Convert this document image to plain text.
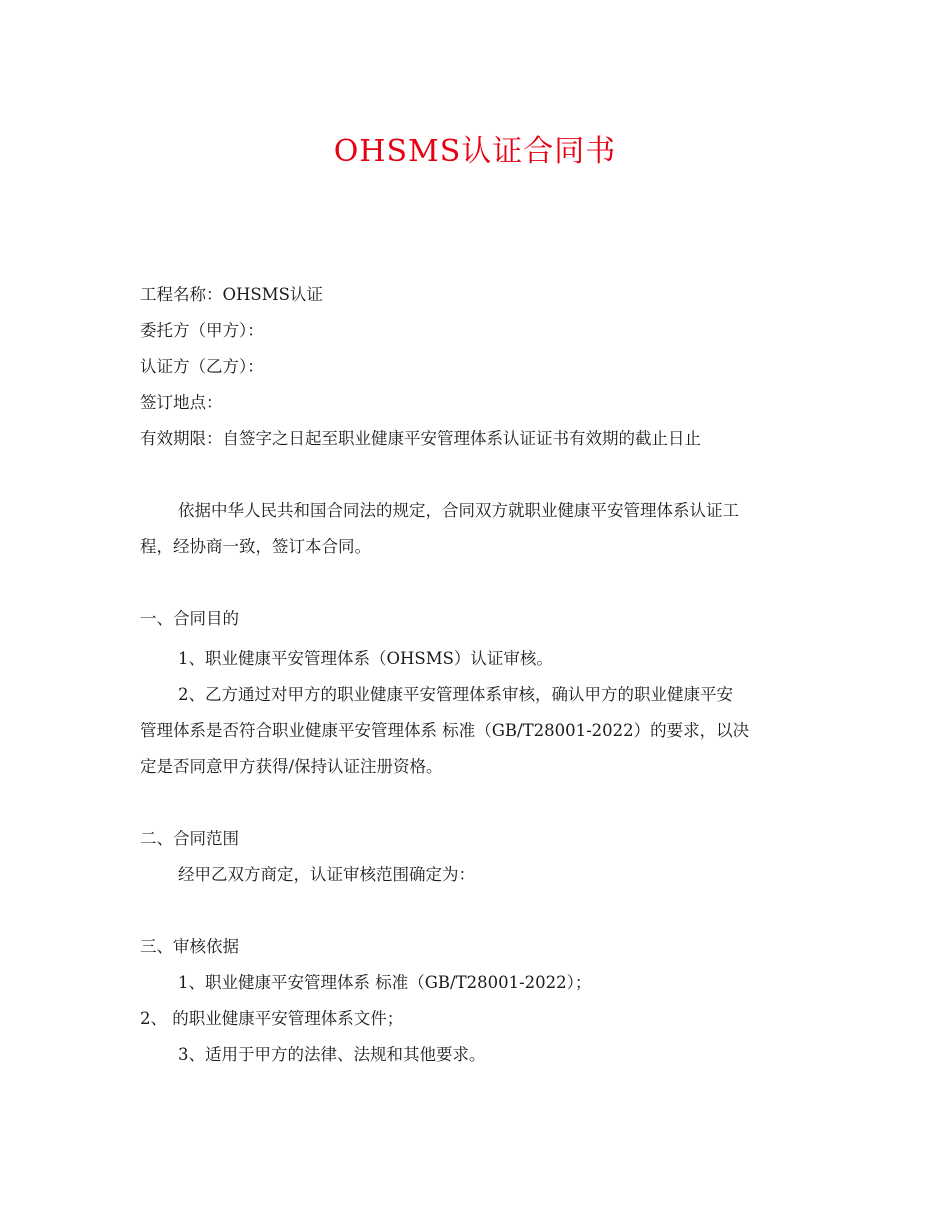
OHSMS认证合同书
工程名称：OHSMS认证
委托方（甲方）：
认证方（乙方）：
签订地点：
有效期限：自签字之日起至职业健康平安管理体系认证证书有效期的截止日止
依据中华人民共和国合同法的规定，合同双方就职业健康平安管理体系认证工
程，经协商一致，签订本合同。
一、合同目的
1、职业健康平安管理体系（OHSMS）认证审核。
2、乙方通过对甲方的职业健康平安管理体系审核，确认甲方的职业健康平安
管理体系是否符合职业健康平安管理体系 标准（GB/T28001-2022）的要求，以决
定是否同意甲方获得/保持认证注册资格。
二、合同范围
经甲乙双方商定，认证审核范围确定为：
三、审核依据
1、职业健康平安管理体系 标准（GB/T28001-2022）；
2、 的职业健康平安管理体系文件；
3、适用于甲方的法律、法规和其他要求。
